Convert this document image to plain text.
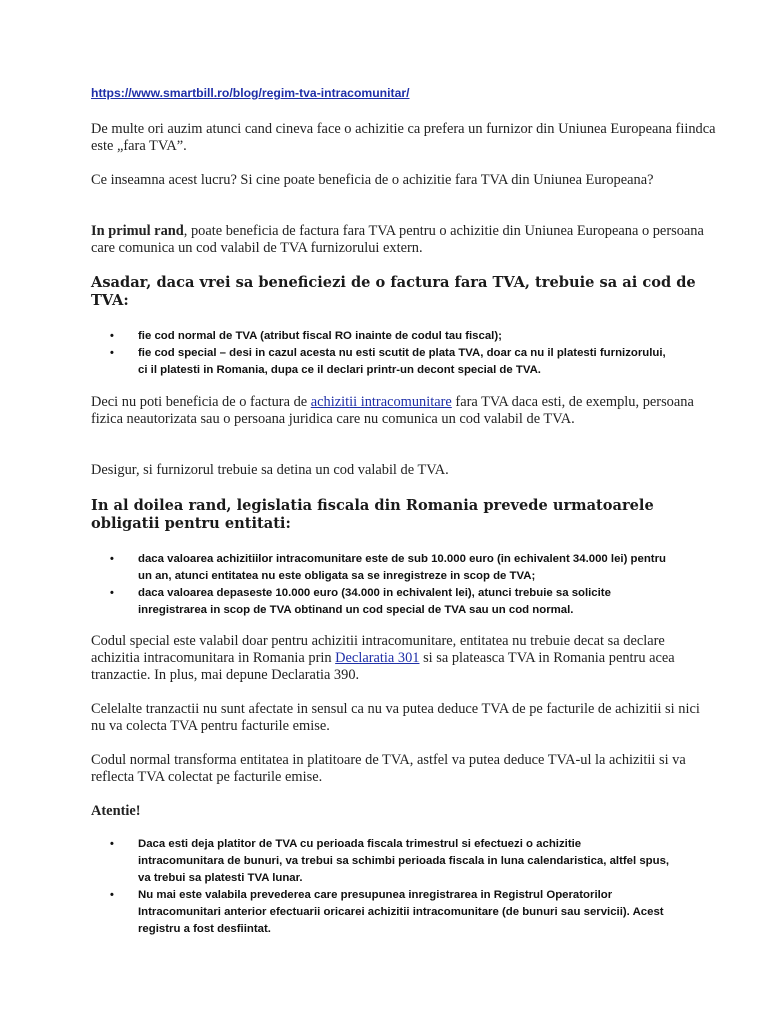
https://www.smartbill.ro/blog/regim-tva-intracomunitar/

De multe ori auzim atunci cand cineva face o achizitie ca prefera un furnizor din Uniunea Europeana fiindca este „fara TVA”.

Ce inseamna acest lucru? Si cine poate beneficia de o achizitie fara TVA din Uniunea Europeana?

In primul rand, poate beneficia de factura fara TVA pentru o achizitie din Uniunea Europeana o persoana care comunica un cod valabil de TVA furnizorului extern.

Asadar, daca vrei sa beneficiezi de o factura fara TVA, trebuie sa ai cod de TVA:
• fie cod normal de TVA (atribut fiscal RO inainte de codul tau fiscal);
• fie cod special – desi in cazul acesta nu esti scutit de plata TVA, doar ca nu il platesti furnizorului, ci il platesti in Romania, dupa ce il declari printr-un decont special de TVA.

Deci nu poti beneficia de o factura de achizitii intracomunitare fara TVA daca esti, de exemplu, persoana fizica neautorizata sau o persoana juridica care nu comunica un cod valabil de TVA.

Desigur, si furnizorul trebuie sa detina un cod valabil de TVA.

In al doilea rand, legislatia fiscala din Romania prevede urmatoarele obligatii pentru entitati:
• daca valoarea achizitiilor intracomunitare este de sub 10.000 euro (in echivalent 34.000 lei) pentru un an, atunci entitatea nu este obligata sa se inregistreze in scop de TVA;
• daca valoarea depaseste 10.000 euro (34.000 in echivalent lei), atunci trebuie sa solicite inregistrarea in scop de TVA obtinand un cod special de TVA sau un cod normal.

Codul special este valabil doar pentru achizitii intracomunitare, entitatea nu trebuie decat sa declare achizitia intracomunitara in Romania prin Declaratia 301 si sa plateasca TVA in Romania pentru acea tranzactie. In plus, mai depune Declaratia 390.

Celelalte tranzactii nu sunt afectate in sensul ca nu va putea deduce TVA de pe facturile de achizitii si nici nu va colecta TVA pentru facturile emise.

Codul normal transforma entitatea in platitoare de TVA, astfel va putea deduce TVA-ul la achizitii si va reflecta TVA colectat pe facturile emise.

Atentie!

• Daca esti deja platitor de TVA cu perioada fiscala trimestrul si efectuezi o achizitie intracomunitara de bunuri, va trebui sa schimbi perioada fiscala in luna calendaristica, altfel spus, va trebui sa platesti TVA lunar.
• Nu mai este valabila prevederea care presupunea inregistrarea in Registrul Operatorilor Intracomunitari anterior efectuarii oricarei achizitii intracomunitare (de bunuri sau servicii). Acest registru a fost desfiintat.
